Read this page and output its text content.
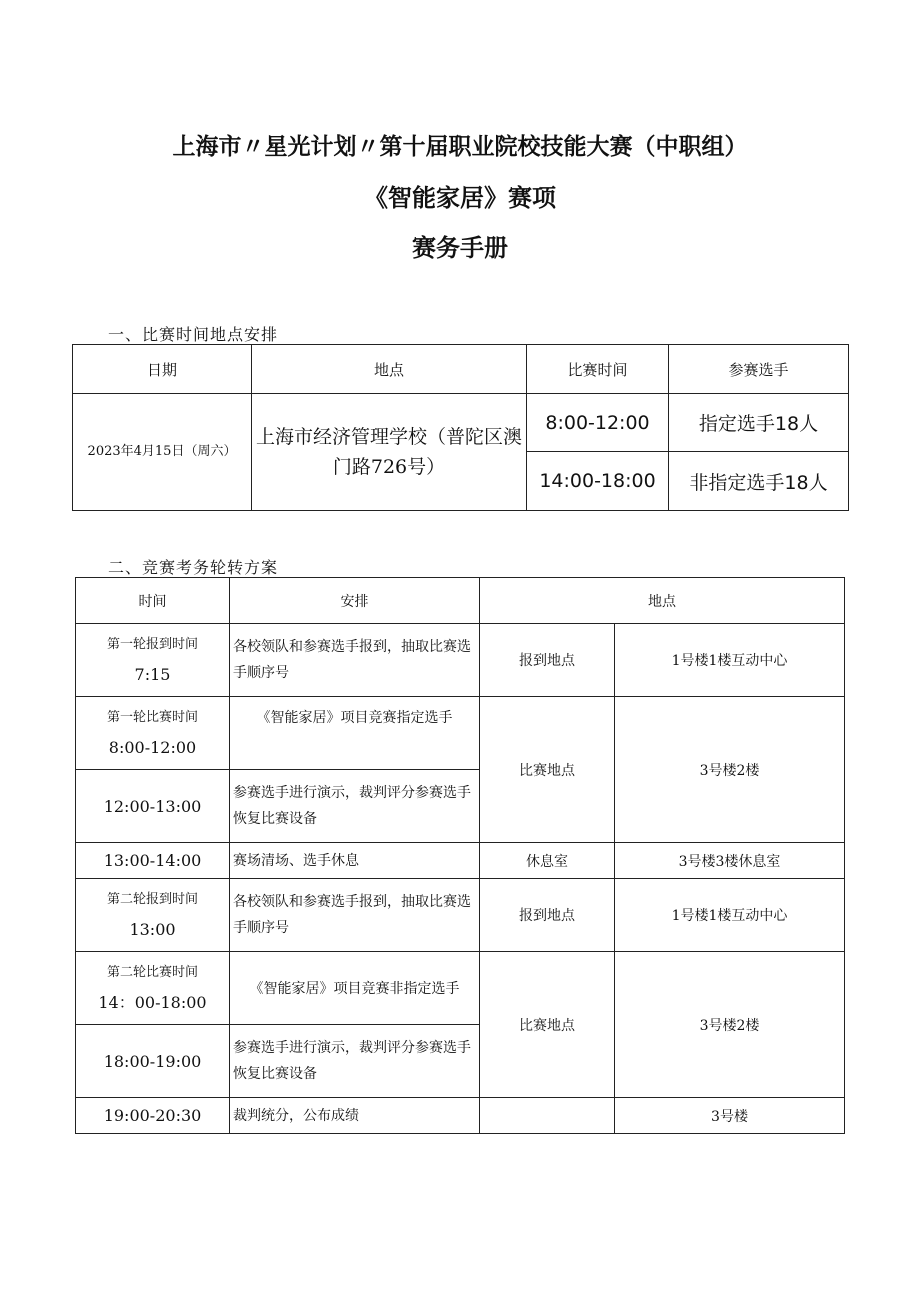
上海市〃星光计划〃第十届职业院校技能大赛（中职组）
《智能家居》赛项
赛务手册
一、比赛时间地点安排
日期	地点	比赛时间	参赛选手
2023年4月15日（周六）	上海市经济管理学校（普陀区澳门路726号）	8:00-12:00	指定选手18人
		14:00-18:00	非指定选手18人
二、竞赛考务轮转方案
时间	安排	地点	

第一轮报到时间
7:15	各校领队和参赛选手报到，抽取比赛选手顺序号	报到地点	1号楼1楼互动中心

第一轮比赛时间
8:00-12:00	《智能家居》项目竞赛指定选手	比赛地点	3号楼2楼
12:00-13:00	参赛选手进行演示，裁判评分参赛选手恢复比赛设备		
13:00-14:00	赛场清场、选手休息	休息室	3号楼3楼休息室

第二轮报到时间
13:00	各校领队和参赛选手报到，抽取比赛选手顺序号	报到地点	1号楼1楼互动中心

第二轮比赛时间
14：00-18:00	《智能家居》项目竞赛非指定选手	比赛地点	3号楼2楼
18:00-19:00	参赛选手进行演示，裁判评分参赛选手恢复比赛设备		
19:00-20:30	裁判统分，公布成绩		3号楼
